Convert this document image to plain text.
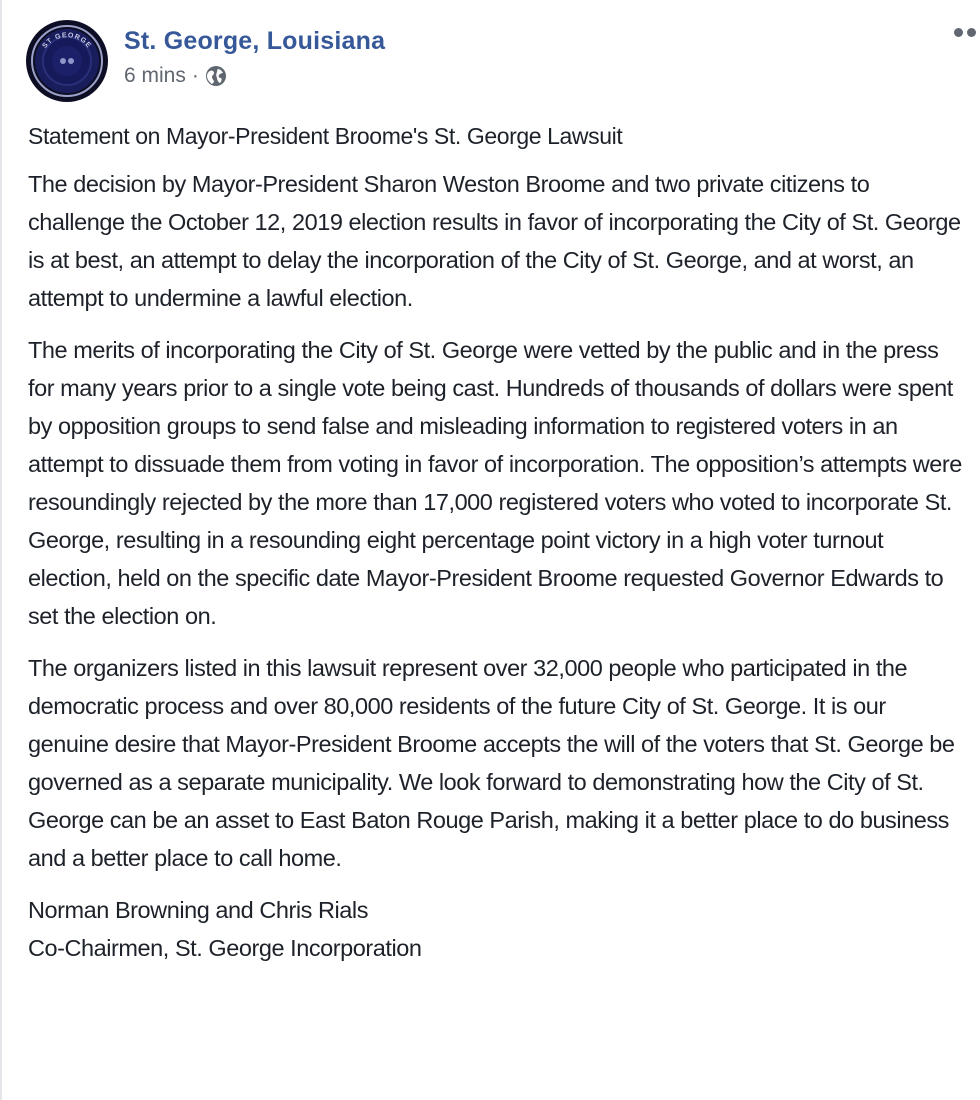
ST GEORGE St. George, Louisiana
6 mins ·

Statement on Mayor-President Broome's St. George Lawsuit

The decision by Mayor-President Sharon Weston Broome and two private citizens to challenge the October 12, 2019 election results in favor of incorporating the City of St. George is at best, an attempt to delay the incorporation of the City of St. George, and at worst, an attempt to undermine a lawful election.

The merits of incorporating the City of St. George were vetted by the public and in the press for many years prior to a single vote being cast. Hundreds of thousands of dollars were spent by opposition groups to send false and misleading information to registered voters in an attempt to dissuade them from voting in favor of incorporation. The opposition’s attempts were resoundingly rejected by the more than 17,000 registered voters who voted to incorporate St. George, resulting in a resounding eight percentage point victory in a high voter turnout election, held on the specific date Mayor-President Broome requested Governor Edwards to set the election on.

The organizers listed in this lawsuit represent over 32,000 people who participated in the democratic process and over 80,000 residents of the future City of St. George. It is our genuine desire that Mayor-President Broome accepts the will of the voters that St. George be governed as a separate municipality. We look forward to demonstrating how the City of St. George can be an asset to East Baton Rouge Parish, making it a better place to do business and a better place to call home.

Norman Browning and Chris Rials

Co-Chairmen, St. George Incorporation
